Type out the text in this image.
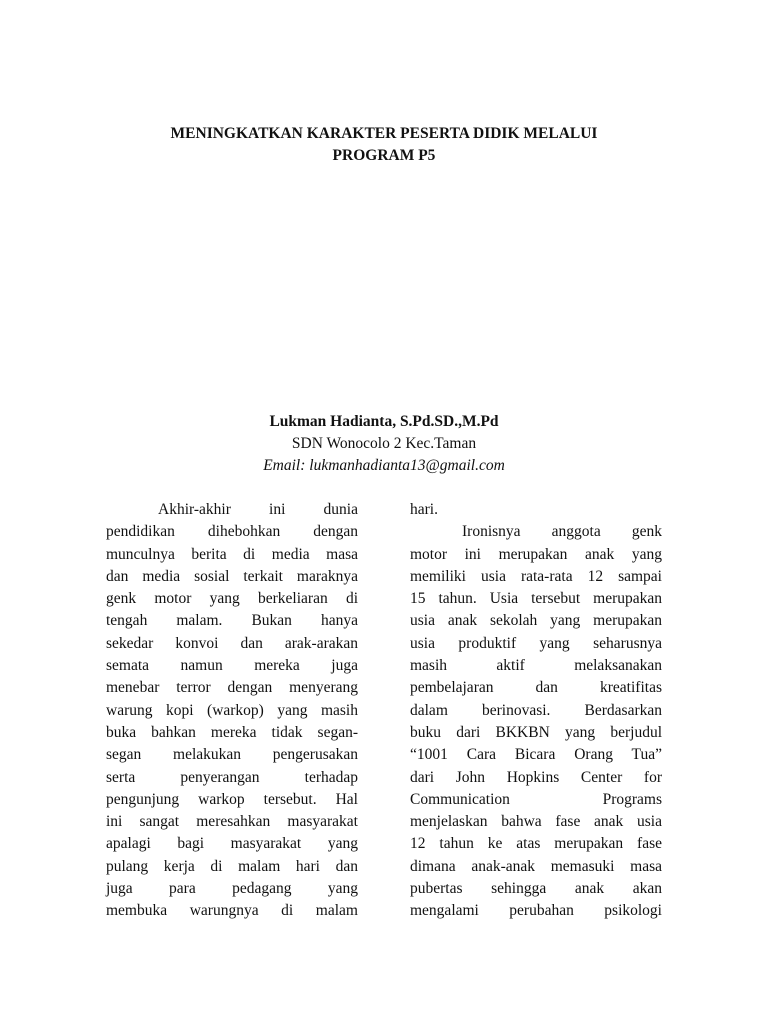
MENINGKATKAN KARAKTER PESERTA DIDIK MELALUI
PROGRAM P5
Lukman Hadianta, S.Pd.SD.,M.Pd
SDN Wonocolo 2 Kec.Taman
Email: lukmanhadianta13@gmail.com
Akhir-akhir ini dunia
pendidikan dihebohkan dengan
munculnya berita di media masa
dan media sosial terkait maraknya
genk motor yang berkeliaran di
tengah malam. Bukan hanya
sekedar konvoi dan arak-arakan
semata namun mereka juga
menebar terror dengan menyerang
warung kopi (warkop) yang masih
buka bahkan mereka tidak segan-
segan melakukan pengerusakan
serta penyerangan terhadap
pengunjung warkop tersebut. Hal
ini sangat meresahkan masyarakat
apalagi bagi masyarakat yang
pulang kerja di malam hari dan
juga para pedagang yang
membuka warungnya di malam
hari.
Ironisnya anggota genk
motor ini merupakan anak yang
memiliki usia rata-rata 12 sampai
15 tahun. Usia tersebut merupakan
usia anak sekolah yang merupakan
usia produktif yang seharusnya
masih aktif melaksanakan
pembelajaran dan kreatifitas
dalam berinovasi. Berdasarkan
buku dari BKKBN yang berjudul
“1001 Cara Bicara Orang Tua”
dari John Hopkins Center for
Communication Programs
menjelaskan bahwa fase anak usia
12 tahun ke atas merupakan fase
dimana anak-anak memasuki masa
pubertas sehingga anak akan
mengalami perubahan psikologi
